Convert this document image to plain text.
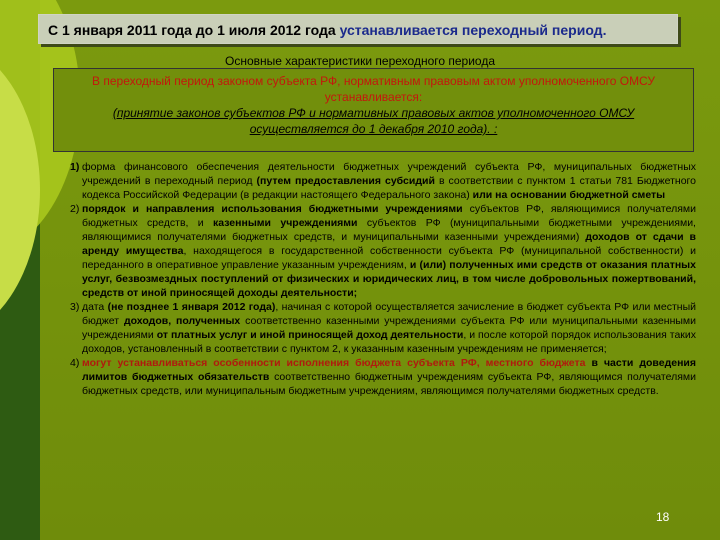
С 1 января 2011 года до 1 июля 2012 года устанавливается переходный период.
Основные характеристики переходного периода
В переходный период законом субъекта РФ, нормативным правовым актом уполномоченного ОМСУ устанавливается:
(принятие законов субъектов РФ и нормативных правовых актов уполномоченного ОМСУ осуществляется до 1 декабря 2010 года). :
1) форма финансового обеспечения деятельности бюджетных учреждений субъекта РФ, муниципальных бюджетных учреждений в переходный период (путем предоставления субсидий в соответствии с пунктом 1 статьи 781 Бюджетного кодекса Российской Федерации (в редакции настоящего Федерального закона) или на основании бюджетной сметы
2) порядок и направления использования бюджетными учреждениями субъектов РФ, являющимися получателями бюджетных средств, и казенными учреждениями субъектов РФ (муниципальными бюджетными учреждениями, являющимися получателями бюджетных средств, и муниципальными казенными учреждениями) доходов от сдачи в аренду имущества, находящегося в государственной собственности субъекта РФ (муниципальной собственности) и переданного в оперативное управление указанным учреждениям, и (или) полученных ими средств от оказания платных услуг, безвозмездных поступлений от физических и юридических лиц, в том числе добровольных пожертвований, средств от иной приносящей доходы деятельности;
3) дата (не позднее 1 января 2012 года), начиная с которой осуществляется зачисление в бюджет субъекта РФ или местный бюджет доходов, полученных соответственно казенными учреждениями субъекта РФ или муниципальными казенными учреждениями от платных услуг и иной приносящей доход деятельности, и после которой порядок использования таких доходов, установленный в соответствии с пунктом 2, к указанным казенным учреждениям не применяется;
4) могут устанавливаться особенности исполнения бюджета субъекта РФ, местного бюджета в части доведения лимитов бюджетных обязательств соответственно бюджетным учреждениям субъекта РФ, являющимся получателями бюджетных средств, или муниципальным бюджетным учреждениям, являющимся получателями бюджетных средств.
18
